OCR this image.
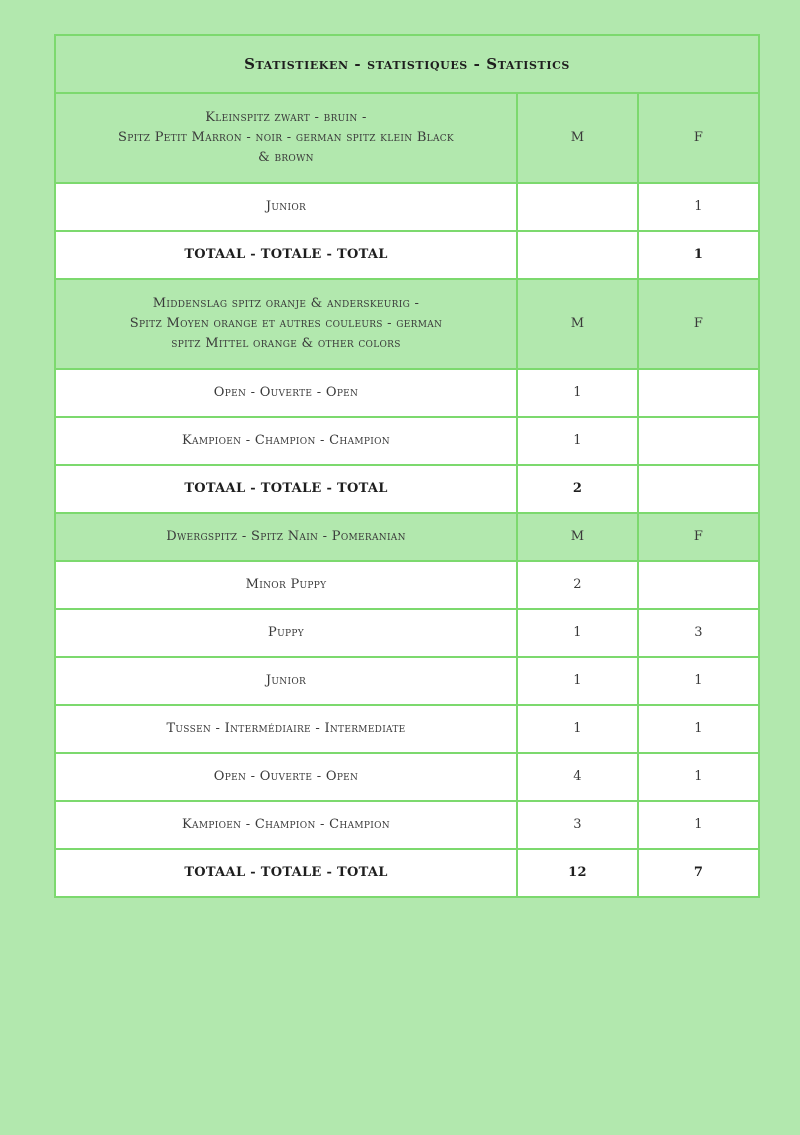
Statistieken - statistiques - Statistics		
Kleinspitz zwart - bruin -
Spitz Petit Marron - noir - german spitz klein Black
& brown	M	F
Junior		1
TOTAAL - TOTALE - TOTAL		1
Middenslag spitz oranje & anderskeurig -
Spitz Moyen orange et autres couleurs - german
spitz Mittel orange & other colors	M	F
Open - Ouverte - Open	1	
Kampioen - Champion - Champion	1	
TOTAAL - TOTALE - TOTAL	2	
Dwergspitz - Spitz Nain - Pomeranian	M	F
Minor Puppy	2	
Puppy	1	3
Junior	1	1
Tussen - Intermédiaire - Intermediate	1	1
Open - Ouverte - Open	4	1
Kampioen - Champion - Champion	3	1
TOTAAL - TOTALE - TOTAL	12	7
